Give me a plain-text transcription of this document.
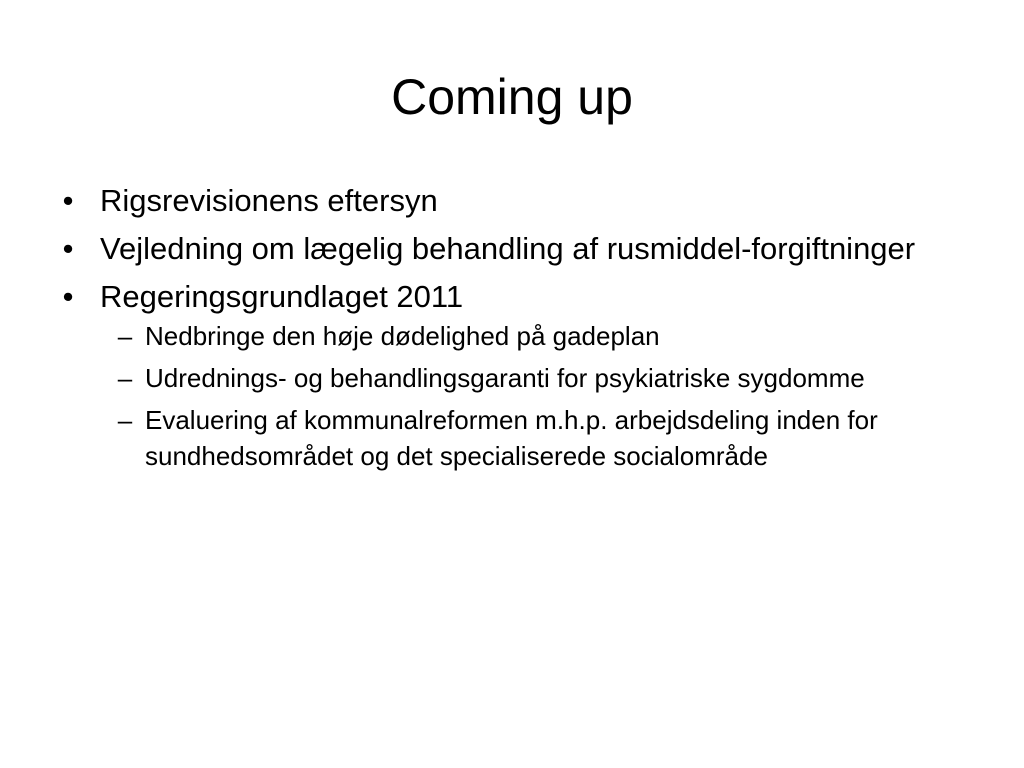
Coming up
• Rigsrevisionens eftersyn
• Vejledning om lægelig behandling af rusmiddel-forgiftninger
• Regeringsgrundlaget 2011
– Nedbringe den høje dødelighed på gadeplan
– Udrednings- og behandlingsgaranti for psykiatriske sygdomme
– Evaluering af kommunalreformen m.h.p. arbejdsdeling inden for sundhedsområdet og det specialiserede socialområde
